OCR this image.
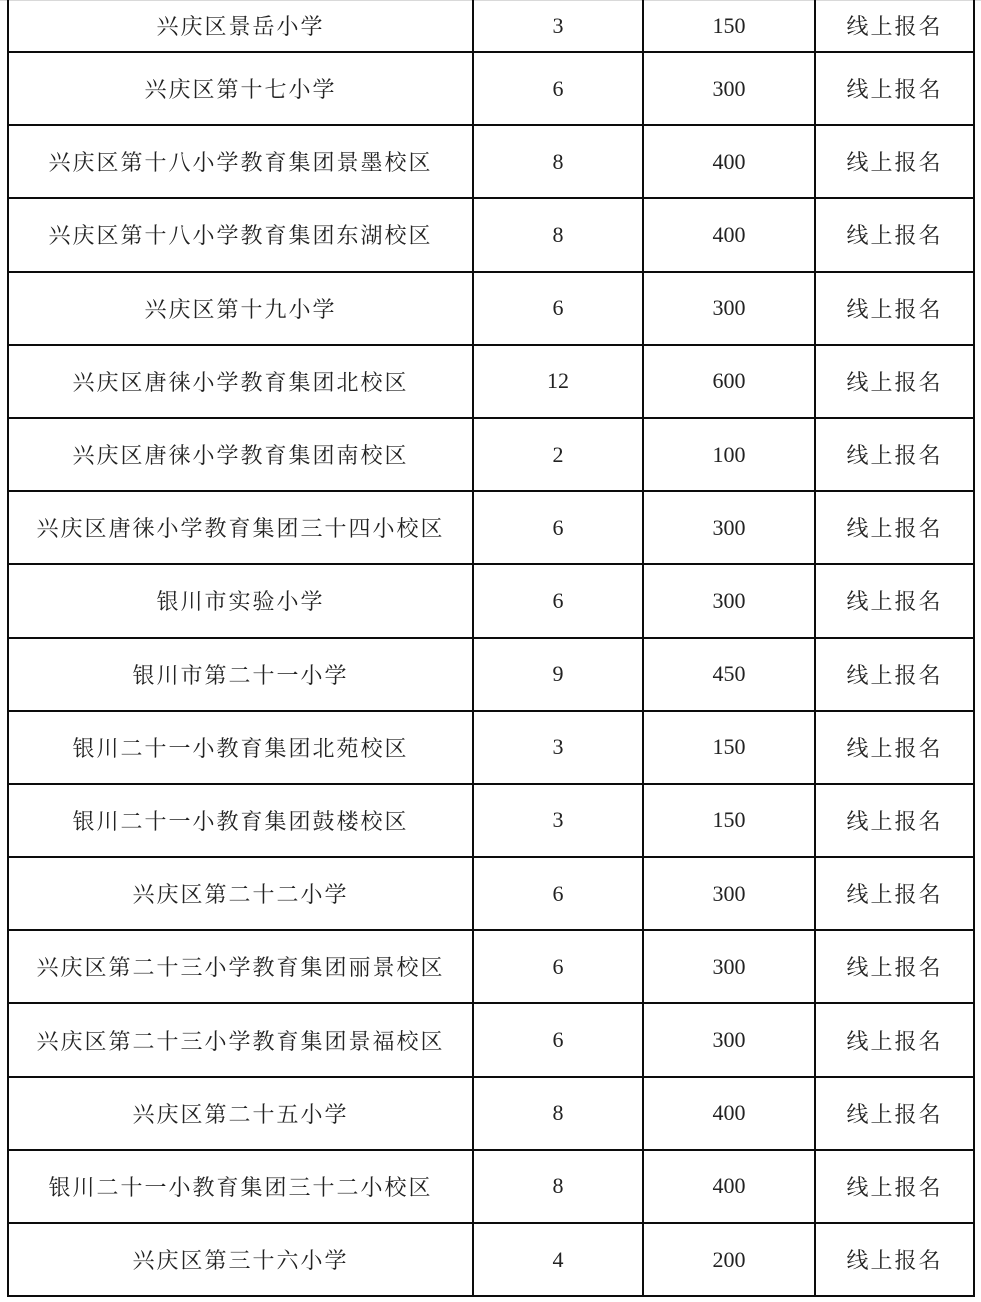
兴庆区景岳小学	3	150	线上报名
兴庆区第十七小学	6	300	线上报名
兴庆区第十八小学教育集团景墨校区	8	400	线上报名
兴庆区第十八小学教育集团东湖校区	8	400	线上报名
兴庆区第十九小学	6	300	线上报名
兴庆区唐徕小学教育集团北校区	12	600	线上报名
兴庆区唐徕小学教育集团南校区	2	100	线上报名
兴庆区唐徕小学教育集团三十四小校区	6	300	线上报名
银川市实验小学	6	300	线上报名
银川市第二十一小学	9	450	线上报名
银川二十一小教育集团北苑校区	3	150	线上报名
银川二十一小教育集团鼓楼校区	3	150	线上报名
兴庆区第二十二小学	6	300	线上报名
兴庆区第二十三小学教育集团丽景校区	6	300	线上报名
兴庆区第二十三小学教育集团景福校区	6	300	线上报名
兴庆区第二十五小学	8	400	线上报名
银川二十一小教育集团三十二小校区	8	400	线上报名
兴庆区第三十六小学	4	200	线上报名
